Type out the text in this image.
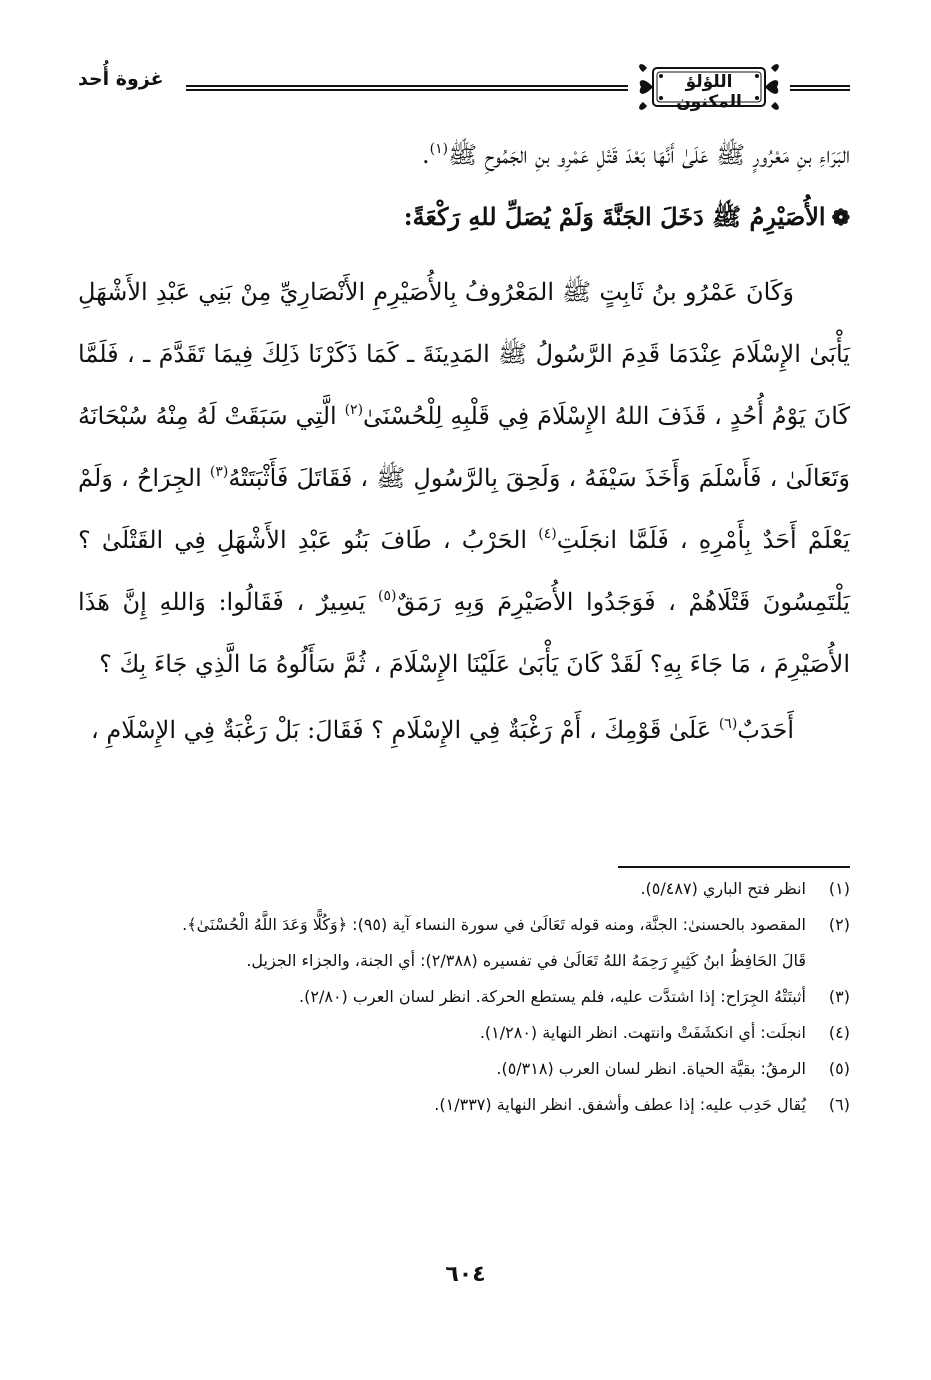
غزوة أُحد	اللؤلؤ المكنون

البَرَاءِ بنِ مَعْرُورٍ ﷺ عَلَىٰ أَنَّهَا بَعْدَ قَتْلِ عَمْرِو بنِ الجَمُوحِ ﷺ$^{(١)}$.

❁الأُصَيْرِمُ ﷺ دَخَلَ الجَنَّةَ وَلَمْ يُصَلِّ للهِ رَكْعَةً:

وَكَانَ عَمْرُو بنُ ثَابِتٍ ﷺ المَعْرُوفُ بِالأُصَيْرِمِ الأَنْصَارِيِّ مِنْ بَنِي عَبْدِ الأَشْهَلِ يَأْبَىٰ الإِسْلَامَ عِنْدَمَا قَدِمَ الرَّسُولُ ﷺ المَدِينَةَ ـ كَمَا ذَكَرْنَا ذَلِكَ فِيمَا تَقَدَّمَ ـ ، فَلَمَّا كَانَ يَوْمُ أُحُدٍ ، قَذَفَ اللهُ الإِسْلَامَ فِي قَلْبِهِ لِلْحُسْنَىٰ$^{(٢)}$ الَّتِي سَبَقَتْ لَهُ مِنْهُ سُبْحَانَهُ وَتَعَالَىٰ ، فَأَسْلَمَ وَأَخَذَ سَيْفَهُ ، وَلَحِقَ بِالرَّسُولِ ﷺ ، فَقَاتَلَ فَأَثْبَتَتْهُ$^{(٣)}$ الجِرَاحُ ، وَلَمْ يَعْلَمْ أَحَدٌ بِأَمْرِهِ ، فَلَمَّا انجَلَتِ$^{(٤)}$ الحَرْبُ ، طَافَ بَنُو عَبْدِ الأَشْهَلِ فِي القَتْلَىٰ ؟ يَلْتَمِسُونَ قَتْلَاهُمْ ، فَوَجَدُوا الأُصَيْرِمَ وَبِهِ رَمَقٌ$^{(٥)}$ يَسِيرٌ ، فَقَالُوا: وَاللهِ إِنَّ هَذَا الأُصَيْرِمَ ، مَا جَاءَ بِهِ؟ لَقَدْ كَانَ يَأْبَىٰ عَلَيْنَا الإِسْلَامَ ، ثُمَّ سَأَلُوهُ مَا الَّذِي جَاءَ بِكَ ؟

أَحَدَبٌ$^{(٦)}$ عَلَىٰ قَوْمِكَ ، أَمْ رَغْبَةٌ فِي الإِسْلَامِ ؟ فَقَالَ: بَلْ رَغْبَةٌ فِي الإِسْلَامِ ،

(١)
انظر فتح الباري (٥/٤٨٧).
(٢)
المقصود بالحسنىٰ: الجنَّة، ومنه قوله تَعَالَىٰ في سورة النساء آية (٩٥): ﴿وَكُلًّا وَعَدَ اللَّهُ الْحُسْنَىٰ﴾.
قَالَ الحَافِظُ ابنُ كَثِيرٍ رَحِمَهُ اللهُ تَعَالَىٰ في تفسيره (٢/٣٨٨): أي الجنة، والجزاء الجزيل.
(٣)
أثبتَتْهُ الجِرَاح: إذا اشتدَّت عليه، فلم يستطع الحركة. انظر لسان العرب (٢/٨٠).
(٤)
انجلَت: أي انكشَفَتْ وانتهت. انظر النهاية (١/٢٨٠).
(٥)
الرمقُ: بقيَّة الحياة. انظر لسان العرب (٥/٣١٨).
(٦)
يُقال حَدِب عليه: إذا عطف وأشفق. انظر النهاية (١/٣٣٧).
٦٠٤
